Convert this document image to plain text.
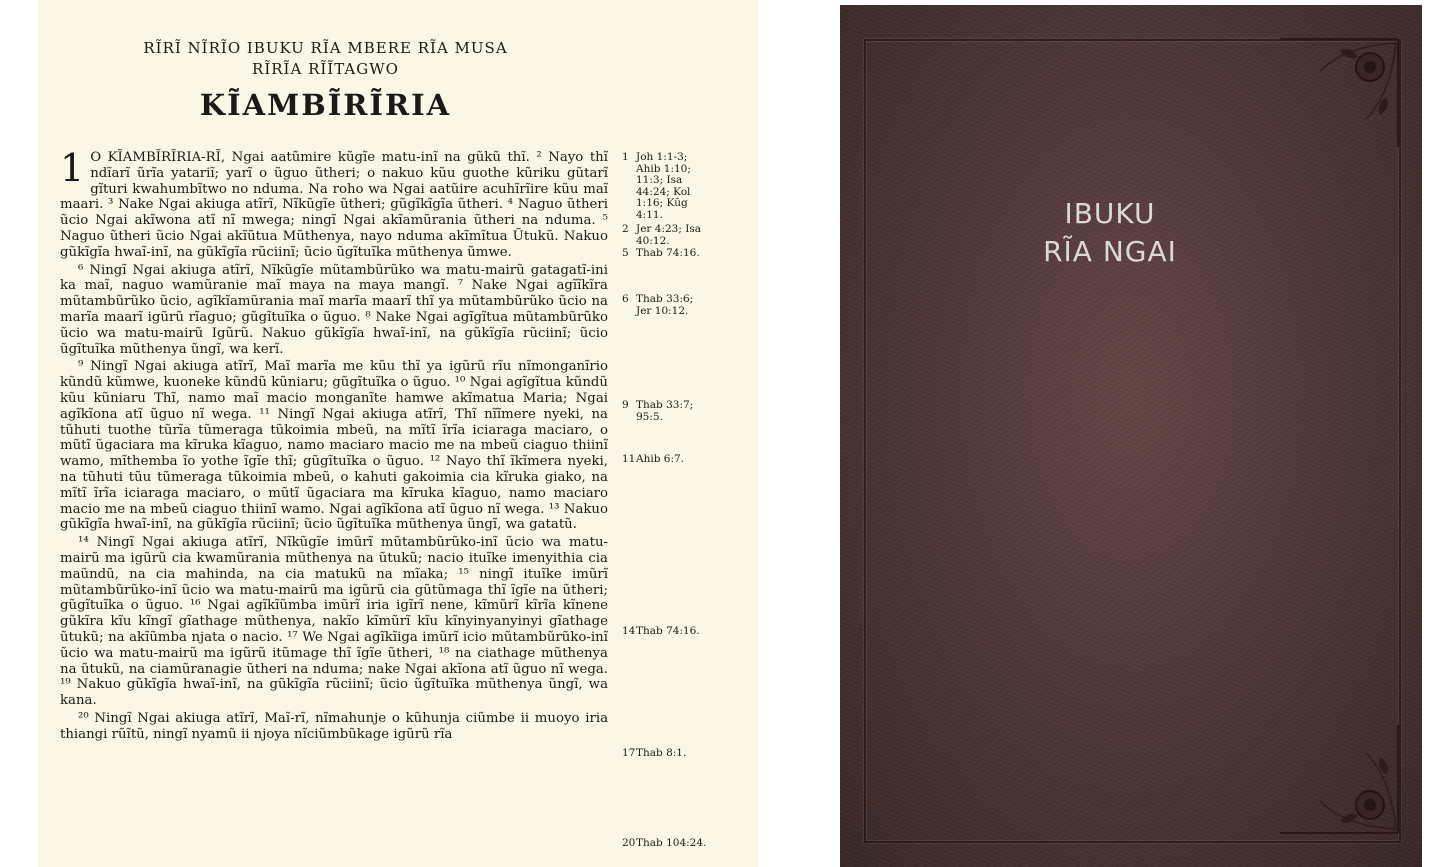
RĨRĨ NĨRĨO IBUKU RĨA MBERE RĨA MUSA
RĨRĨA RĨĨTAGWO
KĨAMBĨRĨRIA

1 O KĨAMBĨRĨRIA-RĨ, Ngai aatũmire kũgĩe matu-inĩ na gũkũ thĩ. ² Nayo thĩ ndĩarĩ ũrĩa yatariĩ; yarĩ o ũguo ũtheri; o nakuo kũu guothe kũriku gũtarĩ gĩturi kwahumbĩtwo no nduma. Na roho wa Ngai aatũire acuhĩrĩire kũu maĩ maari. ³ Nake Ngai akiuga atĩrĩ, Nĩkũgĩe ũtheri; gũgĩkĩgĩa ũtheri. ⁴ Naguo ũtheri ũcio Ngai akĩwona atĩ nĩ mwega; ningĩ Ngai akĩamũrania ũtheri na nduma. ⁵ Naguo ũtheri ũcio Ngai akĩũtua Mũthenya, nayo nduma akĩmĩtua Ũtukũ. Nakuo gũkĩgĩa hwaĩ-inĩ, na gũkĩgĩa rũciinĩ; ũcio ũgĩtuĩka mũthenya ũmwe.

⁶ Ningĩ Ngai akiuga atĩrĩ, Nĩkũgĩe mũtambũrũko wa matu-mairũ gatagatĩ-ini ka maĩ, naguo wamũranie maĩ maya na maya mangĩ. ⁷ Nake Ngai agĩĩkĩra mũtambũrũko ũcio, agĩkĩamũrania maĩ marĩa maarĩ thĩ ya mũtambũrũko ũcio na marĩa maarĩ igũrũ rĩaguo; gũgĩtuĩka o ũguo. ⁸ Nake Ngai agĩgĩtua mũtambũrũko ũcio wa matu-mairũ Igũrũ. Nakuo gũkĩgĩa hwaĩ-inĩ, na gũkĩgĩa rũciinĩ; ũcio ũgĩtuĩka mũthenya ũngĩ, wa kerĩ.

⁹ Ningĩ Ngai akiuga atĩrĩ, Maĩ marĩa me kũu thĩ ya igũrũ rĩu nĩmonganĩrio kũndũ kũmwe, kuoneke kũndũ kũniaru; gũgĩtuĩka o ũguo. ¹⁰ Ngai agĩgĩtua kũndũ kũu kũniaru Thĩ, namo maĩ macio monganĩte hamwe akĩmatua Maria; Ngai agĩkĩona atĩ ũguo nĩ wega. ¹¹ Ningĩ Ngai akiuga atĩrĩ, Thĩ nĩĩmere nyeki, na tũhuti tuothe tũrĩa tũmeraga tũkoimia mbeũ, na mĩtĩ ĩrĩa iciaraga maciaro, o mũtĩ ũgaciara ma kĩruka kĩaguo, namo maciaro macio me na mbeũ ciaguo thiinĩ wamo, mĩthemba ĩo yothe ĩgĩe thĩ; gũgĩtuĩka o ũguo. ¹² Nayo thĩ ĩkĩmera nyeki, na tũhuti tũu tũmeraga tũkoimia mbeũ, o kahuti gakoimia cia kĩruka giako, na mĩtĩ ĩrĩa iciaraga maciaro, o mũtĩ ũgaciara ma kĩruka kĩaguo, namo maciaro macio me na mbeũ ciaguo thiinĩ wamo. Ngai agĩkĩona atĩ ũguo nĩ wega. ¹³ Nakuo gũkĩgĩa hwaĩ-inĩ, na gũkĩgĩa rũciinĩ; ũcio ũgĩtuĩka mũthenya ũngĩ, wa gatatũ.

¹⁴ Ningĩ Ngai akiuga atĩrĩ, Nĩkũgĩe imũrĩ mũtambũrũko-inĩ ũcio wa matu-mairũ ma igũrũ cia kwamũrania mũthenya na ũtukũ; nacio ituĩke imenyithia cia maũndũ, na cia mahinda, na cia matukũ na mĩaka; ¹⁵ ningĩ ituĩke imũrĩ mũtambũrũko-inĩ ũcio wa matu-mairũ ma igũrũ cia gũtũmaga thĩ ĩgĩe na ũtheri; gũgĩtuĩka o ũguo. ¹⁶ Ngai agĩkĩũmba imũrĩ iria igĩrĩ nene, kĩmũrĩ kĩrĩa kĩnene gũkĩra kĩu kĩngĩ gĩathage mũthenya, nakĩo kĩmũrĩ kĩu kĩnyinyanyinyi gĩathage ũtukũ; na akĩũmba njata o nacio. ¹⁷ We Ngai agĩkĩiga imũrĩ icio mũtambũrũko-inĩ ũcio wa matu-mairũ ma igũrũ itũmage thĩ ĩgĩe ũtheri, ¹⁸ na ciathage mũthenya na ũtukũ, na ciamũranagie ũtheri na nduma; nake Ngai akĩona atĩ ũguo nĩ wega. ¹⁹ Nakuo gũkĩgĩa hwaĩ-inĩ, na gũkĩgĩa rũciinĩ; ũcio ũgĩtuĩka mũthenya ũngĩ, wa kana.

²⁰ Ningĩ Ngai akiuga atĩrĩ, Maĩ-rĩ, nĩmahunje o kũhunja ciũmbe ii muoyo iria thiangi rũĩtũ, ningĩ nyamũ ii njoya nĩciũmbũkage igũrũ rĩa

1 Joh 1:1-3; Ahib 1:10; 11:3; Isa 44:24; Kol 1:16; Kũg 4:11.
2 Jer 4:23; Isa 40:12.
5 Thab 74:16.
6 Thab 33:6; Jer 10:12.
9 Thab 33:7; 95:5.
11Ahib 6:7.
14Thab 74:16.
17Thab 8:1.
20Thab 104:24.
IBUKU
RĨA NGAI
